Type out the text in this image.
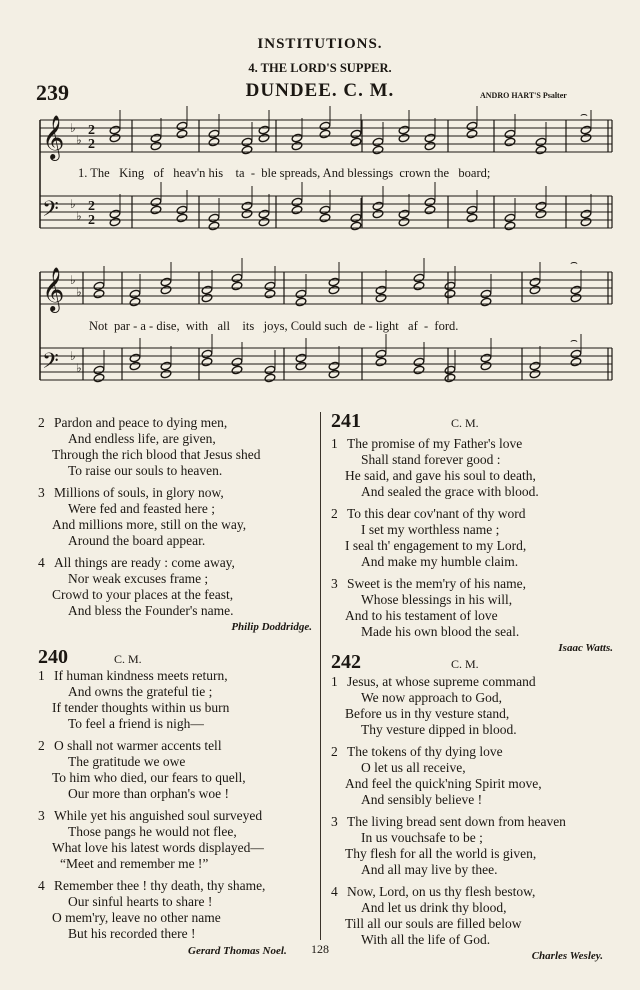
INSTITUTIONS.
4. THE LORD'S SUPPER.
239	DUNDEE. C. M.	ANDRO HART'S Psalter
𝄞 ♭
♭
𝄢 ♭
♭
2
2
2
2
𝄞 ♭
♭
𝄢 ♭
♭
⌢
⌢
⌢
1. The   King   of   heav'n his    ta  -  ble spreads, And blessings  crown the   board;
Not  par - a - dise,  with   all    its   joys, Could such  de - light   af  -  ford.
2 Pardon and peace to dying men,
And endless life, are given,
Through the rich blood that Jesus shed
To raise our souls to heaven.
3 Millions of souls, in glory now,
Were fed and feasted here ;
And millions more, still on the way,
Around the board appear.
4 All things are ready : come away,
Nor weak excuses frame ;
Crowd to your places at the feast,
And bless the Founder's name.
Philip Doddridge.
240	C. M.
1 If human kindness meets return,
And owns the grateful tie ;
If tender thoughts within us burn
To feel a friend is nigh—
2 O shall not warmer accents tell
The gratitude we owe
To him who died, our fears to quell,
Our more than orphan's woe !
3 While yet his anguished soul surveyed
Those pangs he would not flee,
What love his latest words displayed—
“Meet and remember me !”
4 Remember thee ! thy death, thy shame,
Our sinful hearts to share !
O mem'ry, leave no other name
But his recorded there !
Gerard Thomas Noel.
241	C. M.
1 The promise of my Father's love
Shall stand forever good :
He said, and gave his soul to death,
And sealed the grace with blood.
2 To this dear cov'nant of thy word
I set my worthless name ;
I seal th' engagement to my Lord,
And make my humble claim.
3 Sweet is the mem'ry of his name,
Whose blessings in his will,
And to his testament of love
Made his own blood the seal.
Isaac Watts.
242	C. M.
1 Jesus, at whose supreme command
We now approach to God,
Before us in thy vesture stand,
Thy vesture dipped in blood.
2 The tokens of thy dying love
O let us all receive,
And feel the quick'ning Spirit move,
And sensibly believe !
3 The living bread sent down from heaven
In us vouchsafe to be ;
Thy flesh for all the world is given,
And all may live by thee.
4 Now, Lord, on us thy flesh bestow,
And let us drink thy blood,
Till all our souls are filled below
With all the life of God.
Charles Wesley.
128
